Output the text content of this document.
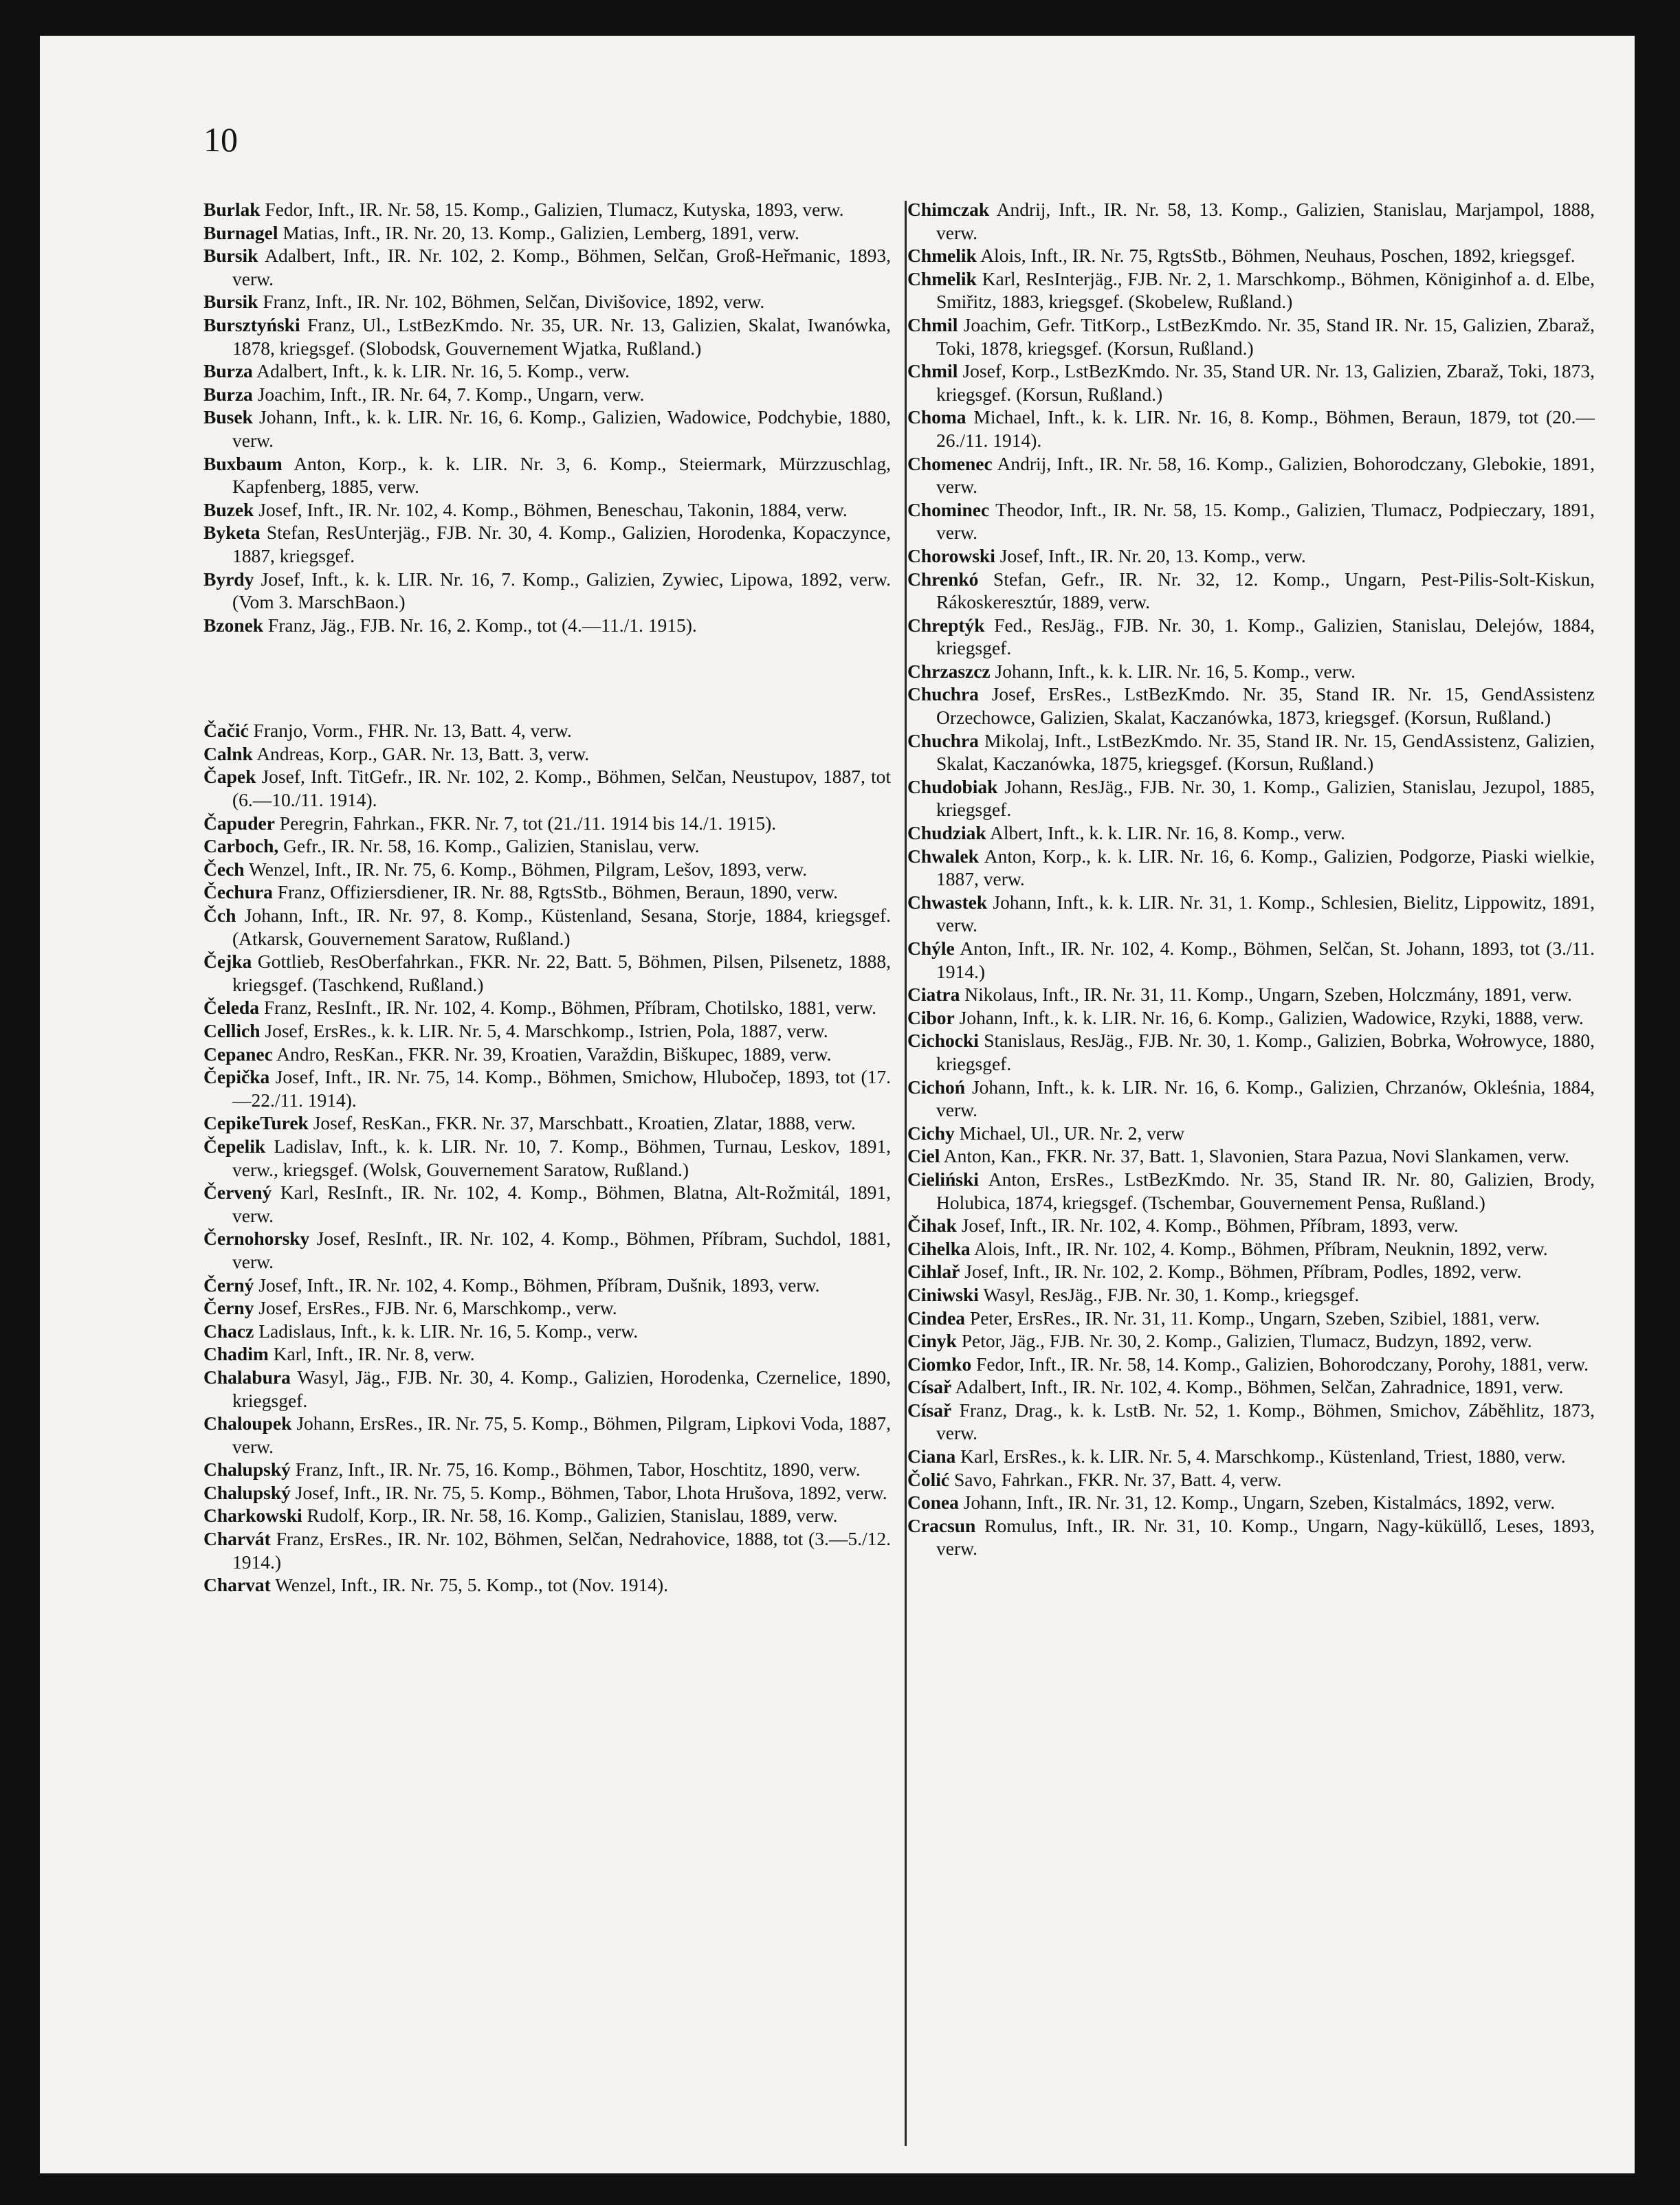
10

Burlak Fedor, Inft., IR. Nr. 58, 15. Komp., Galizien, Tlumacz, Kutyska, 1893, verw.

Burnagel Matias, Inft., IR. Nr. 20, 13. Komp., Galizien, Lemberg, 1891, verw.

Bursik Adalbert, Inft., IR. Nr. 102, 2. Komp., Böhmen, Selčan, Groß-Heřmanic, 1893, verw.

Bursik Franz, Inft., IR. Nr. 102, Böhmen, Selčan, Divišovice, 1892, verw.

Bursztyński Franz, Ul., LstBezKmdo. Nr. 35, UR. Nr. 13, Galizien, Skalat, Iwanówka, 1878, kriegsgef. (Slobodsk, Gouvernement Wjatka, Rußland.)

Burza Adalbert, Inft., k. k. LIR. Nr. 16, 5. Komp., verw.

Burza Joachim, Inft., IR. Nr. 64, 7. Komp., Ungarn, verw.

Busek Johann, Inft., k. k. LIR. Nr. 16, 6. Komp., Galizien, Wadowice, Podchybie, 1880, verw.

Buxbaum Anton, Korp., k. k. LIR. Nr. 3, 6. Komp., Steiermark, Mürzzuschlag, Kapfenberg, 1885, verw.

Buzek Josef, Inft., IR. Nr. 102, 4. Komp., Böhmen, Beneschau, Takonin, 1884, verw.

Byketa Stefan, ResUnterjäg., FJB. Nr. 30, 4. Komp., Galizien, Horodenka, Kopaczynce, 1887, kriegsgef.

Byrdy Josef, Inft., k. k. LIR. Nr. 16, 7. Komp., Galizien, Zywiec, Lipowa, 1892, verw. (Vom 3. MarschBaon.)

Bzonek Franz, Jäg., FJB. Nr. 16, 2. Komp., tot (4.—11./1. 1915).

Čačić Franjo, Vorm., FHR. Nr. 13, Batt. 4, verw.

Calnk Andreas, Korp., GAR. Nr. 13, Batt. 3, verw.

Čapek Josef, Inft. TitGefr., IR. Nr. 102, 2. Komp., Böhmen, Selčan, Neustupov, 1887, tot (6.—10./11. 1914).

Čapuder Peregrin, Fahrkan., FKR. Nr. 7, tot (21./11. 1914 bis 14./1. 1915).

Carboch, Gefr., IR. Nr. 58, 16. Komp., Galizien, Stanislau, verw.

Čech Wenzel, Inft., IR. Nr. 75, 6. Komp., Böhmen, Pilgram, Lešov, 1893, verw.

Čechura Franz, Offiziersdiener, IR. Nr. 88, RgtsStb., Böhmen, Beraun, 1890, verw.

Čch Johann, Inft., IR. Nr. 97, 8. Komp., Küstenland, Sesana, Storje, 1884, kriegsgef. (Atkarsk, Gouvernement Saratow, Rußland.)

Čejka Gottlieb, ResOberfahrkan., FKR. Nr. 22, Batt. 5, Böhmen, Pilsen, Pilsenetz, 1888, kriegsgef. (Taschkend, Rußland.)

Čeleda Franz, ResInft., IR. Nr. 102, 4. Komp., Böhmen, Příbram, Chotilsko, 1881, verw.

Cellich Josef, ErsRes., k. k. LIR. Nr. 5, 4. Marschkomp., Istrien, Pola, 1887, verw.

Cepanec Andro, ResKan., FKR. Nr. 39, Kroatien, Varaždin, Biškupec, 1889, verw.

Čepička Josef, Inft., IR. Nr. 75, 14. Komp., Böhmen, Smichow, Hlubočep, 1893, tot (17.—22./11. 1914).

CepikeTurek Josef, ResKan., FKR. Nr. 37, Marschbatt., Kroatien, Zlatar, 1888, verw.

Čepelik Ladislav, Inft., k. k. LIR. Nr. 10, 7. Komp., Böhmen, Turnau, Leskov, 1891, verw., kriegsgef. (Wolsk, Gouvernement Saratow, Rußland.)

Červený Karl, ResInft., IR. Nr. 102, 4. Komp., Böhmen, Blatna, Alt-Rožmitál, 1891, verw.

Černohorsky Josef, ResInft., IR. Nr. 102, 4. Komp., Böhmen, Příbram, Suchdol, 1881, verw.

Černý Josef, Inft., IR. Nr. 102, 4. Komp., Böhmen, Příbram, Dušnik, 1893, verw.

Černy Josef, ErsRes., FJB. Nr. 6, Marschkomp., verw.

Chacz Ladislaus, Inft., k. k. LIR. Nr. 16, 5. Komp., verw.

Chadim Karl, Inft., IR. Nr. 8, verw.

Chalabura Wasyl, Jäg., FJB. Nr. 30, 4. Komp., Galizien, Horodenka, Czernelice, 1890, kriegsgef.

Chaloupek Johann, ErsRes., IR. Nr. 75, 5. Komp., Böhmen, Pilgram, Lipkovi Voda, 1887, verw.

Chalupský Franz, Inft., IR. Nr. 75, 16. Komp., Böhmen, Tabor, Hoschtitz, 1890, verw.

Chalupský Josef, Inft., IR. Nr. 75, 5. Komp., Böhmen, Tabor, Lhota Hrušova, 1892, verw.

Charkowski Rudolf, Korp., IR. Nr. 58, 16. Komp., Galizien, Stanislau, 1889, verw.

Charvát Franz, ErsRes., IR. Nr. 102, Böhmen, Selčan, Nedrahovice, 1888, tot (3.—5./12. 1914.)

Charvat Wenzel, Inft., IR. Nr. 75, 5. Komp., tot (Nov. 1914).

Chimczak Andrij, Inft., IR. Nr. 58, 13. Komp., Galizien, Stanislau, Marjampol, 1888, verw.

Chmelik Alois, Inft., IR. Nr. 75, RgtsStb., Böhmen, Neuhaus, Poschen, 1892, kriegsgef.

Chmelik Karl, ResInterjäg., FJB. Nr. 2, 1. Marschkomp., Böhmen, Königinhof a. d. Elbe, Smiřitz, 1883, kriegsgef. (Skobelew, Rußland.)

Chmil Joachim, Gefr. TitKorp., LstBezKmdo. Nr. 35, Stand IR. Nr. 15, Galizien, Zbaraž, Toki, 1878, kriegsgef. (Korsun, Rußland.)

Chmil Josef, Korp., LstBezKmdo. Nr. 35, Stand UR. Nr. 13, Galizien, Zbaraž, Toki, 1873, kriegsgef. (Korsun, Rußland.)

Choma Michael, Inft., k. k. LIR. Nr. 16, 8. Komp., Böhmen, Beraun, 1879, tot (20.—26./11. 1914).

Chomenec Andrij, Inft., IR. Nr. 58, 16. Komp., Galizien, Bohorodczany, Glebokie, 1891, verw.

Chominec Theodor, Inft., IR. Nr. 58, 15. Komp., Galizien, Tlumacz, Podpieczary, 1891, verw.

Chorowski Josef, Inft., IR. Nr. 20, 13. Komp., verw.

Chrenkó Stefan, Gefr., IR. Nr. 32, 12. Komp., Ungarn, Pest-Pilis-Solt-Kiskun, Rákoskeresztúr, 1889, verw.

Chreptýk Fed., ResJäg., FJB. Nr. 30, 1. Komp., Galizien, Stanislau, Delejów, 1884, kriegsgef.

Chrzaszcz Johann, Inft., k. k. LIR. Nr. 16, 5. Komp., verw.

Chuchra Josef, ErsRes., LstBezKmdo. Nr. 35, Stand IR. Nr. 15, GendAssistenz Orzechowce, Galizien, Skalat, Kaczanówka, 1873, kriegsgef. (Korsun, Rußland.)

Chuchra Mikolaj, Inft., LstBezKmdo. Nr. 35, Stand IR. Nr. 15, GendAssistenz, Galizien, Skalat, Kaczanówka, 1875, kriegsgef. (Korsun, Rußland.)

Chudobiak Johann, ResJäg., FJB. Nr. 30, 1. Komp., Galizien, Stanislau, Jezupol, 1885, kriegsgef.

Chudziak Albert, Inft., k. k. LIR. Nr. 16, 8. Komp., verw.

Chwalek Anton, Korp., k. k. LIR. Nr. 16, 6. Komp., Galizien, Podgorze, Piaski wielkie, 1887, verw.

Chwastek Johann, Inft., k. k. LIR. Nr. 31, 1. Komp., Schlesien, Bielitz, Lippowitz, 1891, verw.

Chýle Anton, Inft., IR. Nr. 102, 4. Komp., Böhmen, Selčan, St. Johann, 1893, tot (3./11. 1914.)

Ciatra Nikolaus, Inft., IR. Nr. 31, 11. Komp., Ungarn, Szeben, Holczmány, 1891, verw.

Cibor Johann, Inft., k. k. LIR. Nr. 16, 6. Komp., Galizien, Wadowice, Rzyki, 1888, verw.

Cichocki Stanislaus, ResJäg., FJB. Nr. 30, 1. Komp., Galizien, Bobrka, Wołrowyce, 1880, kriegsgef.

Cichoń Johann, Inft., k. k. LIR. Nr. 16, 6. Komp., Galizien, Chrzanów, Okleśnia, 1884, verw.

Cichy Michael, Ul., UR. Nr. 2, verw

Ciel Anton, Kan., FKR. Nr. 37, Batt. 1, Slavonien, Stara Pazua, Novi Slankamen, verw.

Cieliński Anton, ErsRes., LstBezKmdo. Nr. 35, Stand IR. Nr. 80, Galizien, Brody, Holubica, 1874, kriegsgef. (Tschembar, Gouvernement Pensa, Rußland.)

Čihak Josef, Inft., IR. Nr. 102, 4. Komp., Böhmen, Příbram, 1893, verw.

Cihelka Alois, Inft., IR. Nr. 102, 4. Komp., Böhmen, Příbram, Neuknin, 1892, verw.

Cihlař Josef, Inft., IR. Nr. 102, 2. Komp., Böhmen, Příbram, Podles, 1892, verw.

Ciniwski Wasyl, ResJäg., FJB. Nr. 30, 1. Komp., kriegsgef.

Cindea Peter, ErsRes., IR. Nr. 31, 11. Komp., Ungarn, Szeben, Szibiel, 1881, verw.

Cinyk Petor, Jäg., FJB. Nr. 30, 2. Komp., Galizien, Tlumacz, Budzyn, 1892, verw.

Ciomko Fedor, Inft., IR. Nr. 58, 14. Komp., Galizien, Bohorodczany, Porohy, 1881, verw.

Císař Adalbert, Inft., IR. Nr. 102, 4. Komp., Böhmen, Selčan, Zahradnice, 1891, verw.

Císař Franz, Drag., k. k. LstB. Nr. 52, 1. Komp., Böhmen, Smichov, Záběhlitz, 1873, verw.

Ciana Karl, ErsRes., k. k. LIR. Nr. 5, 4. Marschkomp., Küstenland, Triest, 1880, verw.

Čolić Savo, Fahrkan., FKR. Nr. 37, Batt. 4, verw.

Conea Johann, Inft., IR. Nr. 31, 12. Komp., Ungarn, Szeben, Kistalmács, 1892, verw.

Cracsun Romulus, Inft., IR. Nr. 31, 10. Komp., Ungarn, Nagy-küküllő, Leses, 1893, verw.
